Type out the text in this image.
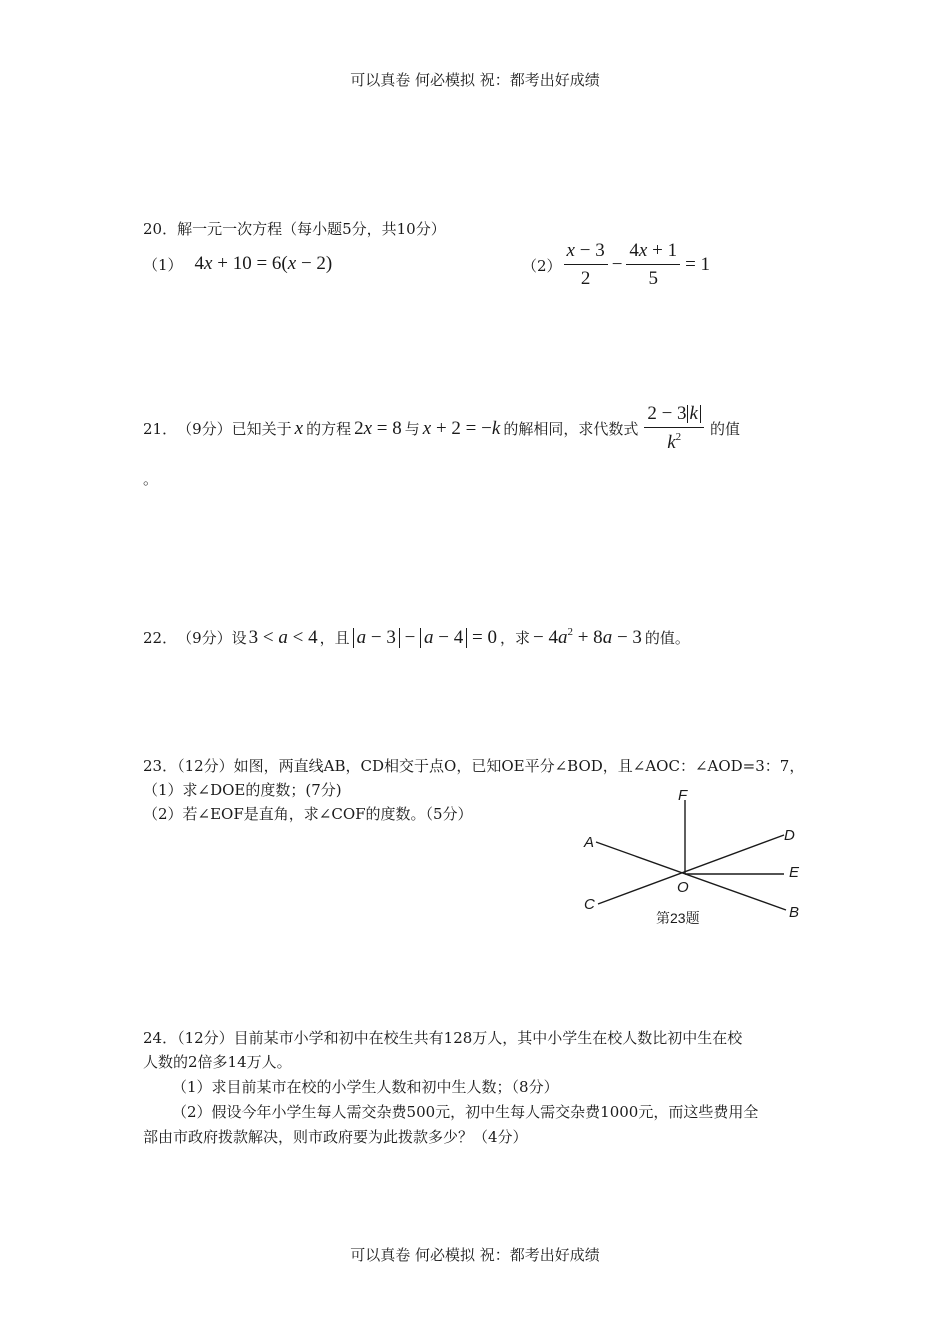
可以真卷 何必模拟 祝：都考出好成绩
可以真卷 何必模拟 祝：都考出好成绩
20．解一元一次方程（每小题5分，共10分）
（1） 4x + 10 = 6(x − 2)	$(2) \frac{x - 3}{2} - \frac{4x + 1}{5} = 1$
21． （9分） 已知关于 x 的方程 2x = 8 与 x + 2 = −k 的解相同，求代数式 $\frac{2 - 3 k}{k^2}$ 的值
。
22． （9分） 设 3 < a < 4 ，且 a − 3 − a − 4 = 0 ，求 − $4a^2 + 8a - 3$ 的值。
23．（12分）如图，两直线AB，CD相交于点O，已知OE平分∠BOD，且∠AOC：∠AOD=3：7，
（1）求∠DOE的度数；(7分)
（2）若∠EOF是直角，求∠COF的度数。（5分）
F
D
A
E
O
C	B
第23题
24．（12分）目前某市小学和初中在校生共有128万人，其中小学生在校人数比初中生在校
人数的2倍多14万人。
（1）求目前某市在校的小学生人数和初中生人数；（8分）
（2）假设今年小学生每人需交杂费500元，初中生每人需交杂费1000元，而这些费用全
部由市政府拨款解决，则市政府要为此拨款多少？（4分）
